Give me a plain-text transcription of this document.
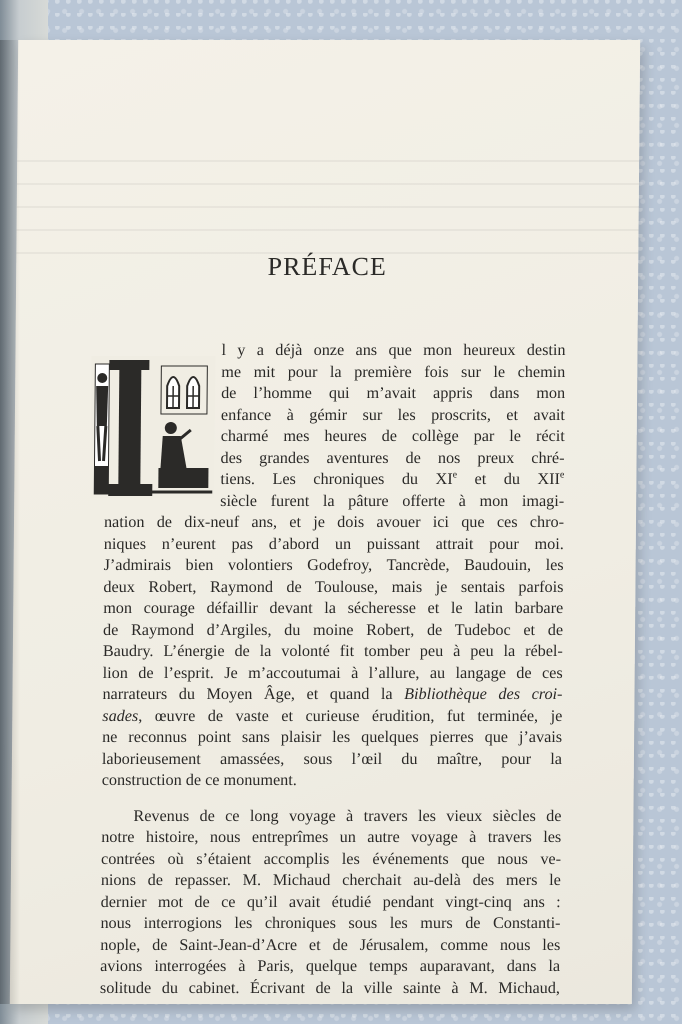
PRÉFACE
l y a déjà onze ans que mon heureux destin
me mit pour la première fois sur le chemin
de l’homme qui m’avait appris dans mon
enfance à gémir sur les proscrits, et avait
charmé mes heures de collège par le récit
des grandes aventures de nos preux chré-
tiens. Les chroniques du XIe et du XIIe
siècle furent la pâture offerte à mon imagi-
nation de dix-neuf ans, et je dois avouer ici que ces chro-
niques n’eurent pas d’abord un puissant attrait pour moi.
J’admirais bien volontiers Godefroy, Tancrède, Baudouin, les
deux Robert, Raymond de Toulouse, mais je sentais parfois
mon courage défaillir devant la sécheresse et le latin barbare
de Raymond d’Argiles, du moine Robert, de Tudeboc et de
Baudry. L’énergie de la volonté fit tomber peu à peu la rébel-
lion de l’esprit. Je m’accoutumai à l’allure, au langage de ces
narrateurs du Moyen Âge, et quand la Bibliothèque des croi-
sades, œuvre de vaste et curieuse érudition, fut terminée, je
ne reconnus point sans plaisir les quelques pierres que j’avais
laborieusement amassées, sous l’œil du maître, pour la
construction de ce monument.
Revenus de ce long voyage à travers les vieux siècles de
notre histoire, nous entreprîmes un autre voyage à travers les
contrées où s’étaient accomplis les événements que nous ve-
nions de repasser. M. Michaud cherchait au-delà des mers le
dernier mot de ce qu’il avait étudié pendant vingt-cinq ans :
nous interrogions les chroniques sous les murs de Constanti-
nople, de Saint-Jean-d’Acre et de Jérusalem, comme nous les
avions interrogées à Paris, quelque temps auparavant, dans la
solitude du cabinet. Écrivant de la ville sainte à M. Michaud,
